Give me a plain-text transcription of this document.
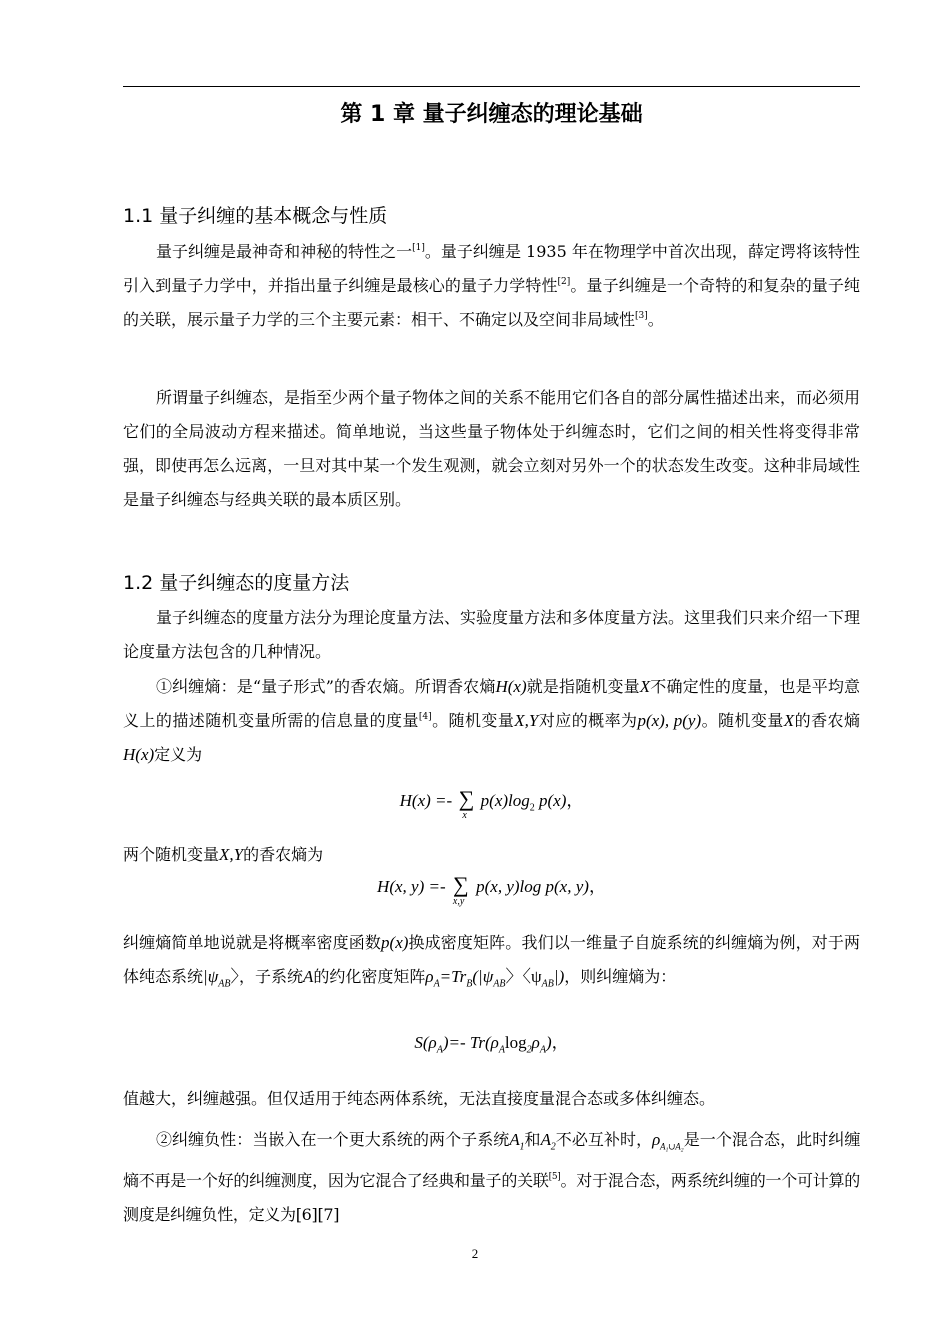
第 1 章 量子纠缠态的理论基础
1.1 量子纠缠的基本概念与性质

量子纠缠是最神奇和神秘的特性之一[1]。量子纠缠是 1935 年在物理学中首次出现，薛定谔将该特性引入到量子力学中，并指出量子纠缠是最核心的量子力学特性[2]。量子纠缠是一个奇特的和复杂的量子纯的关联，展示量子力学的三个主要元素：相干、不确定以及空间非局域性[3]。

所谓量子纠缠态，是指至少两个量子物体之间的关系不能用它们各自的部分属性描述出来，而必须用它们的全局波动方程来描述。简单地说，当这些量子物体处于纠缠态时，它们之间的相关性将变得非常强，即使再怎么远离，一旦对其中某一个发生观测，就会立刻对另外一个的状态发生改变。这种非局域性是量子纠缠态与经典关联的最本质区别。

1.2 量子纠缠态的度量方法

量子纠缠态的度量方法分为理论度量方法、实验度量方法和多体度量方法。这里我们只来介绍一下理论度量方法包含的几种情况。

①纠缠熵：是“量子形式”的香农熵。所谓香农熵H(x)就是指随机变量X不确定性的度量，也是平均意义上的描述随机变量所需的信息量的度量[4]。随机变量X,Y对应的概率为p(x), p(y)。随机变量X的香农熵H(x)定义为

H(x) =- ∑
x
$p(x)\log_2$ p(x)，

两个随机变量X,Y的香农熵为

H(x, y) =- ∑
x,y
p(x, y)log p(x, y)，

纠缠熵简单地说就是将概率密度函数p(x)换成密度矩阵。我们以一维量子自旋系统的纠缠熵为例，对于两体纯态系统$|\psi_{AB}$〉，子系统A的约化密度矩阵$\rho_A=Tr_B(|\psi_{AB}$〉〈$\psi_{AB}|$)，则纠缠熵为：

$S(\rho_A)=-$ $Tr(\rho_A\log_2\rho_A)$，

值越大，纠缠越强。但仅适用于纯态两体系统，无法直接度量混合态或多体纠缠态。

②纠缠负性：当嵌入在一个更大系统的两个子系统$A_1$和$A_2$不必互补时，$\rho_{A_1\cup A_2}$是一个混合态，此时纠缠熵不再是一个好的纠缠测度，因为它混合了经典和量子的关联[5]。对于混合态，两系统纠缠的一个可计算的测度是纠缠负性，定义为[6][7]

2
